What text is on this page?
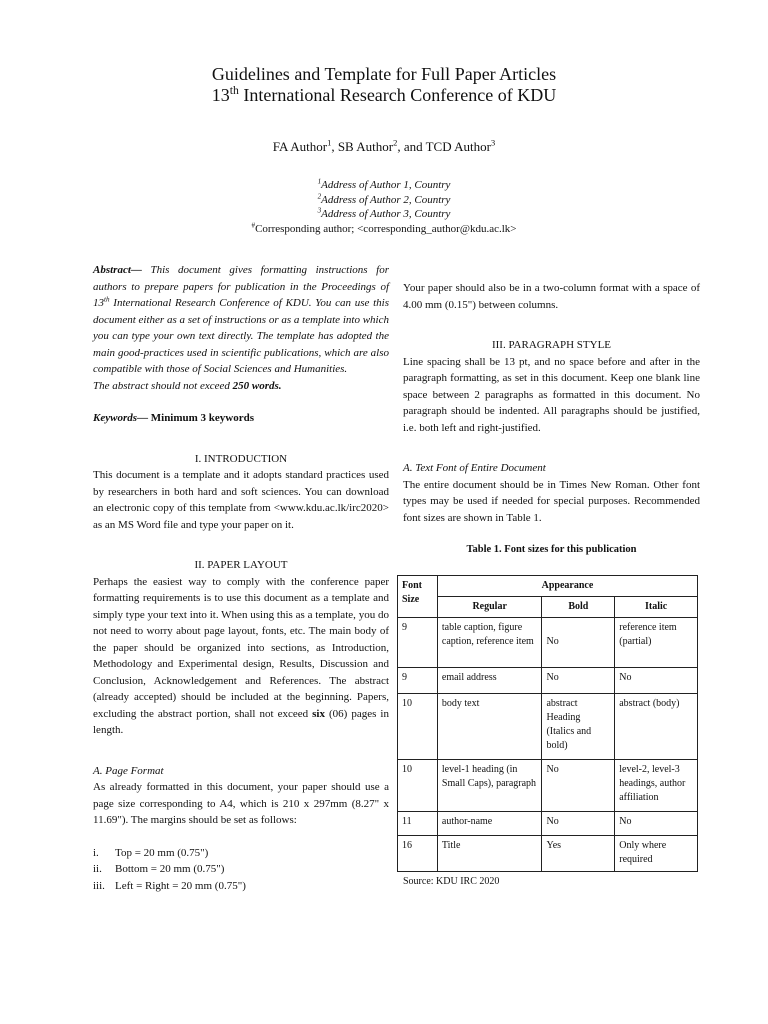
Guidelines and Template for Full Paper Articles
13th International Research Conference of KDU
FA Author$^1$, SB Author$^2$, and TCD Author$^3$
$^1$Address of Author 1, Country
$^2$Address of Author 2, Country
$^3$Address of Author 3, Country
#Corresponding author; <corresponding_author@kdu.ac.lk>

Abstract— This document gives formatting instructions for authors to prepare papers for publication in the Proceedings of 13th International Research Conference of KDU. You can use this document either as a set of instructions or as a template into which you can type your own text directly. The template has adopted the main good-practices used in scientific publications, which are also compatible with those of Social Sciences and Humanities.

The abstract should not exceed 250 words.

Keywords— Minimum 3 keywords

I. INTRODUCTION

This document is a template and it adopts standard practices used by researchers in both hard and soft sciences. You can download an electronic copy of this template from <www.kdu.ac.lk/irc2020> as an MS Word file and type your paper on it.

II. PAPER LAYOUT

Perhaps the easiest way to comply with the conference paper formatting requirements is to use this document as a template and simply type your text into it. When using this as a template, you do not need to worry about page layout, fonts, etc. The main body of the paper should be organized into sections, as Introduction, Methodology and Experimental design, Results, Discussion and Conclusion, Acknowledgement and References. The abstract (already accepted) should be included at the beginning. Papers, excluding the abstract portion, shall not exceed six (06) pages in length.

A. Page Format

As already formatted in this document, your paper should use a page size corresponding to A4, which is 210 x 297mm (8.27" x 11.69"). The margins should be set as follows:

i.	Top = 20 mm (0.75")
ii.	Bottom = 20 mm (0.75")
iii. Left = Right = 20 mm (0.75")

Your paper should also be in a two-column format with a space of 4.00 mm (0.15") between columns.

III. PARAGRAPH STYLE

Line spacing shall be 13 pt, and no space before and after in the paragraph formatting, as set in this document. Keep one blank line space between 2 paragraphs as formatted in this document. No paragraph should be indented. All paragraphs should be justified, i.e. both left and right-justified.

A. Text Font of Entire Document

The entire document should be in Times New Roman. Other font types may be used if needed for special purposes. Recommended font sizes are shown in Table 1.

Table 1. Font sizes for this publication

Font Size	Appearance		
	Regular	Bold	Italic
9	table caption, figure caption, reference item	No	reference item (partial)
9	email address	No	No
10	body text	abstract Heading (Italics and bold)	abstract (body)
10	level-1 heading (in Small Caps), paragraph	No	level-2, level-3 headings, author affiliation
11	author-name	No	No
16	Title	Yes	Only where required
Source: KDU IRC 2020
